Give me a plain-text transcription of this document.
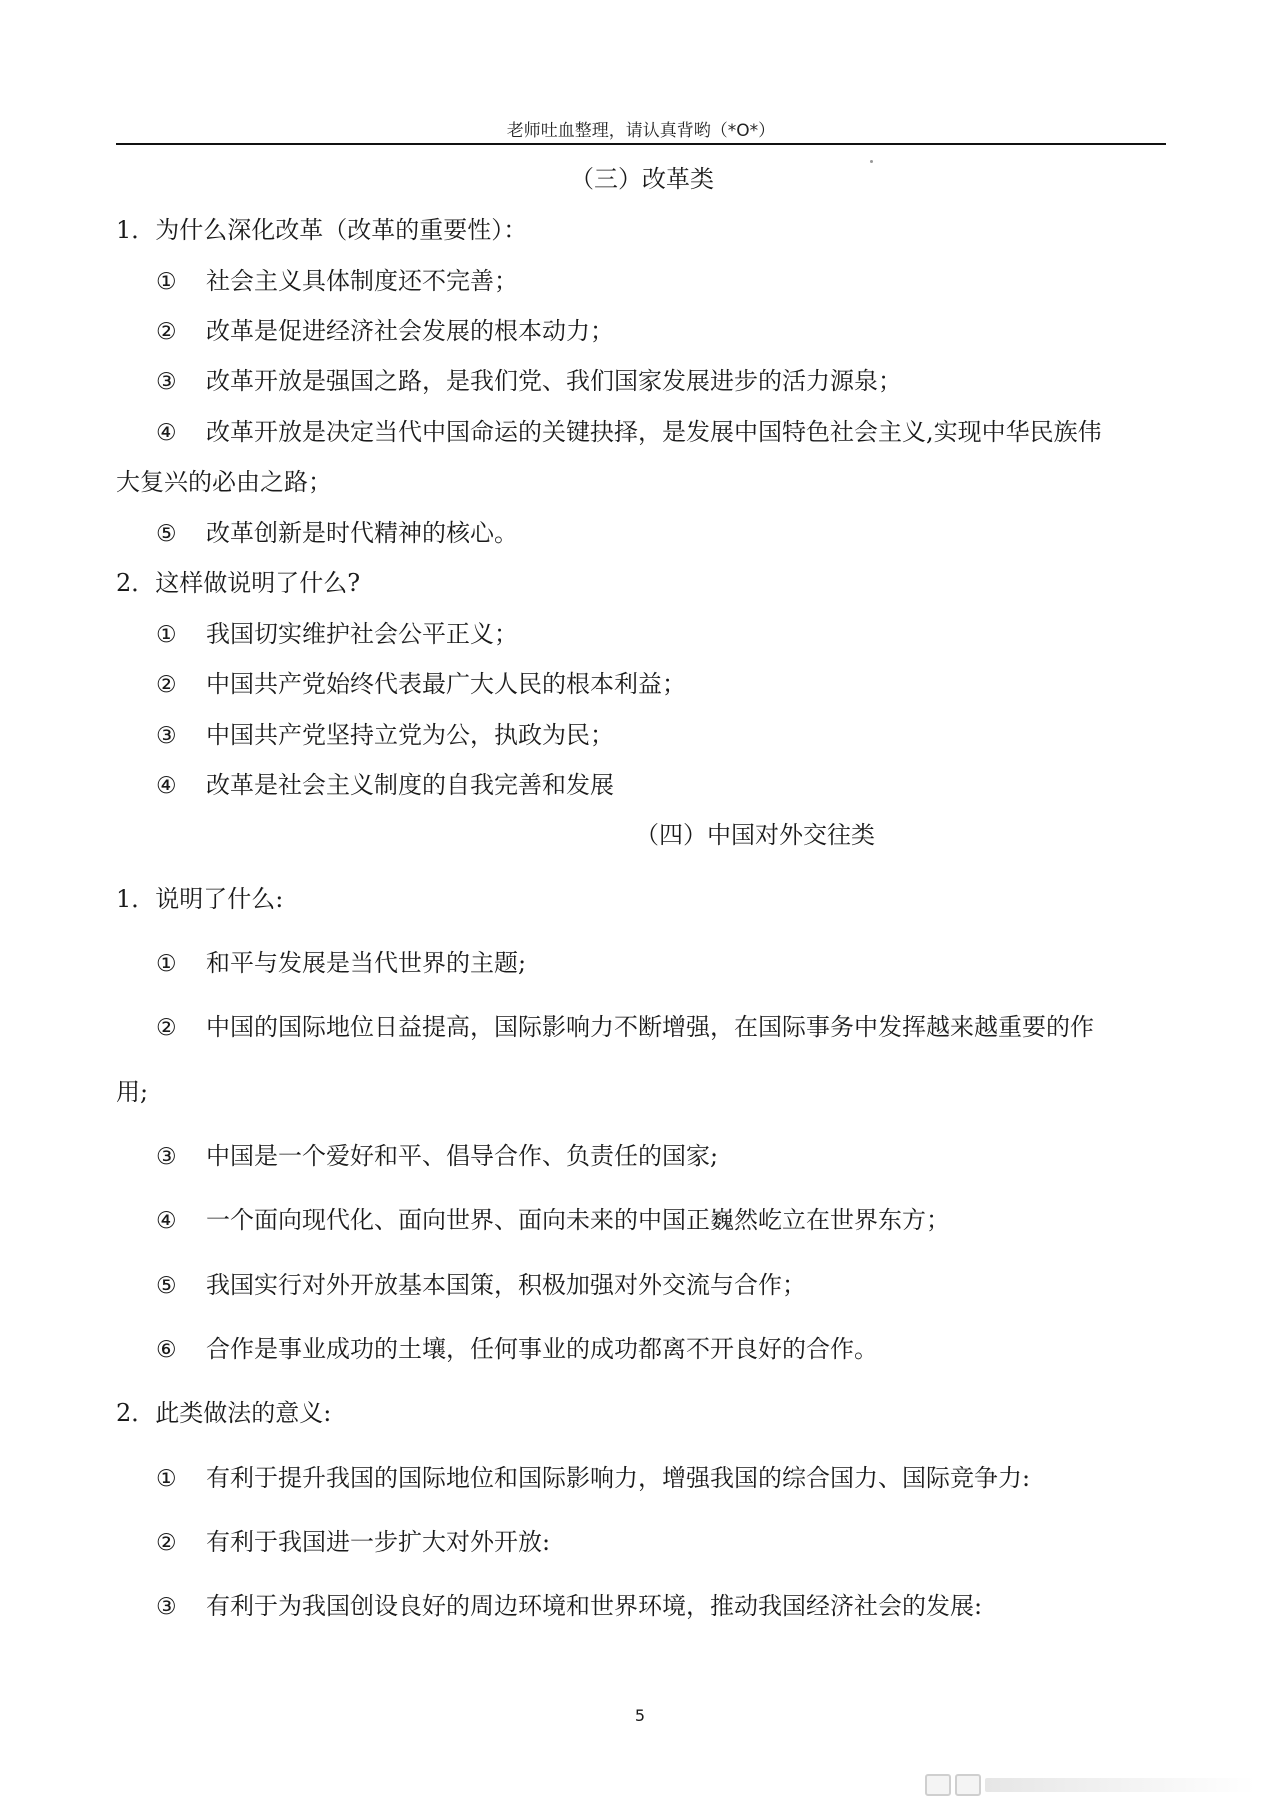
老师吐血整理，请认真背哟（*O*）
（三）改革类
1．为什么深化改革（改革的重要性）：
① 社会主义具体制度还不完善；
② 改革是促进经济社会发展的根本动力；
③ 改革开放是强国之路，是我们党、我们国家发展进步的活力源泉；
④ 改革开放是决定当代中国命运的关键抉择，是发展中国特色社会主义,实现中华民族伟
大复兴的必由之路；
⑤ 改革创新是时代精神的核心。
2．这样做说明了什么?
① 我国切实维护社会公平正义；
② 中国共产党始终代表最广大人民的根本利益；
③ 中国共产党坚持立党为公，执政为民；
④ 改革是社会主义制度的自我完善和发展
（四）中国对外交往类
1．说明了什么:
① 和平与发展是当代世界的主题;
② 中国的国际地位日益提高，国际影响力不断增强，在国际事务中发挥越来越重要的作
用;
③ 中国是一个爱好和平、倡导合作、负责任的国家;
④ 一个面向现代化、面向世界、面向未来的中国正巍然屹立在世界东方；
⑤ 我国实行对外开放基本国策，积极加强对外交流与合作；
⑥ 合作是事业成功的土壤，任何事业的成功都离不开良好的合作。
2．此类做法的意义:
① 有利于提升我国的国际地位和国际影响力，增强我国的综合国力、国际竞争力:
② 有利于我国进一步扩大对外开放:
③ 有利于为我国创设良好的周边环境和世界环境，推动我国经济社会的发展:
5
